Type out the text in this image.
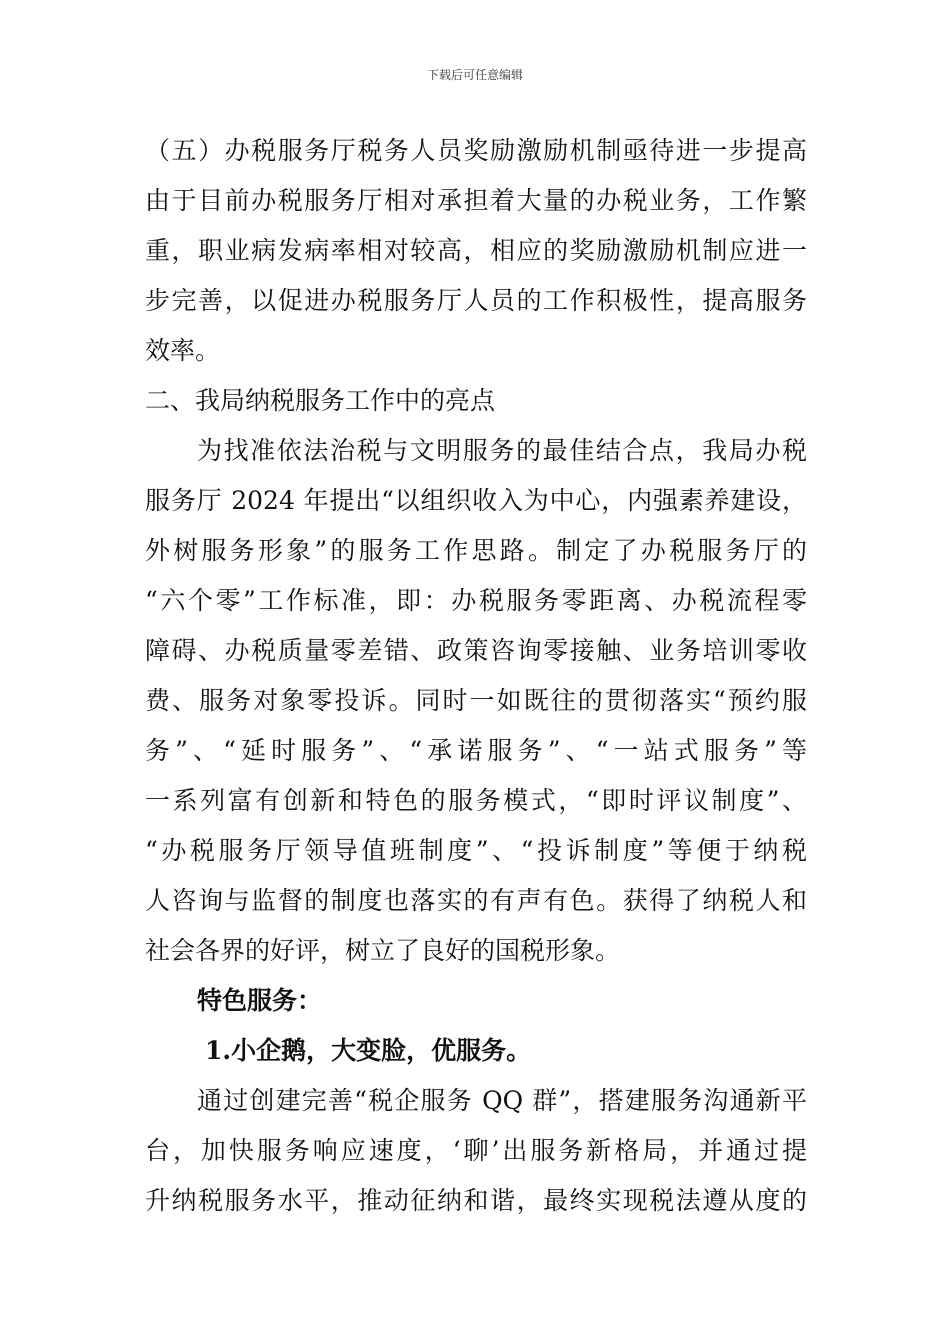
下载后可任意编辑
（五）办税服务厅税务人员奖励激励机制亟待进一步提高
由于目前办税服务厅相对承担着大量的办税业务，工作繁
重，职业病发病率相对较高，相应的奖励激励机制应进一
步完善，以促进办税服务厅人员的工作积极性，提高服务
效率。
二、我局纳税服务工作中的亮点
为找准依法治税与文明服务的最佳结合点，我局办税
服务厅 2024 年提出“以组织收入为中心，内强素养建设，
外树服务形象”的服务工作思路。制定了办税服务厅的
“六个零”工作标准，即：办税服务零距离、办税流程零
障碍、办税质量零差错、政策咨询零接触、业务培训零收
费、服务对象零投诉。同时一如既往的贯彻落实“预约服
务”、“延时服务”、“承诺服务”、“一站式服务”等
一系列富有创新和特色的服务模式，“即时评议制度”、
“办税服务厅领导值班制度”、“投诉制度”等便于纳税
人咨询与监督的制度也落实的有声有色。获得了纳税人和
社会各界的好评，树立了良好的国税形象。
特色服务：
1.小企鹅，大变脸，优服务。
通过创建完善“税企服务 QQ 群”，搭建服务沟通新平
台，加快服务响应速度，‘聊’出服务新格局，并通过提
升纳税服务水平，推动征纳和谐，最终实现税法遵从度的
